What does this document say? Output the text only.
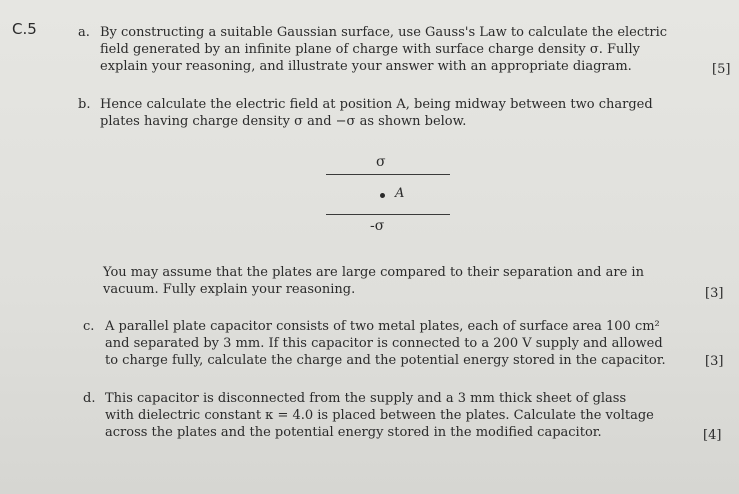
C.5	a. By constructing a suitable Gaussian surface, use Gauss's Law to calculate the electric
field generated by an infinite plane of charge with surface charge density σ. Fully
explain your reasoning, and illustrate your answer with an appropriate diagram.	[5]
b. Hence calculate the electric field at position A, being midway between two charged
plates having charge density σ and −σ as shown below.
σ
A
-σ
You may assume that the plates are large compared to their separation and are in
vacuum. Fully explain your reasoning.	[3]
c. A parallel plate capacitor consists of two metal plates, each of surface area 100 cm²
and separated by 3 mm. If this capacitor is connected to a 200 V supply and allowed
to charge fully, calculate the charge and the potential energy stored in the capacitor.	[3]
d. This capacitor is disconnected from the supply and a 3 mm thick sheet of glass
with dielectric constant κ = 4.0 is placed between the plates. Calculate the voltage
across the plates and the potential energy stored in the modified capacitor.	[4]
